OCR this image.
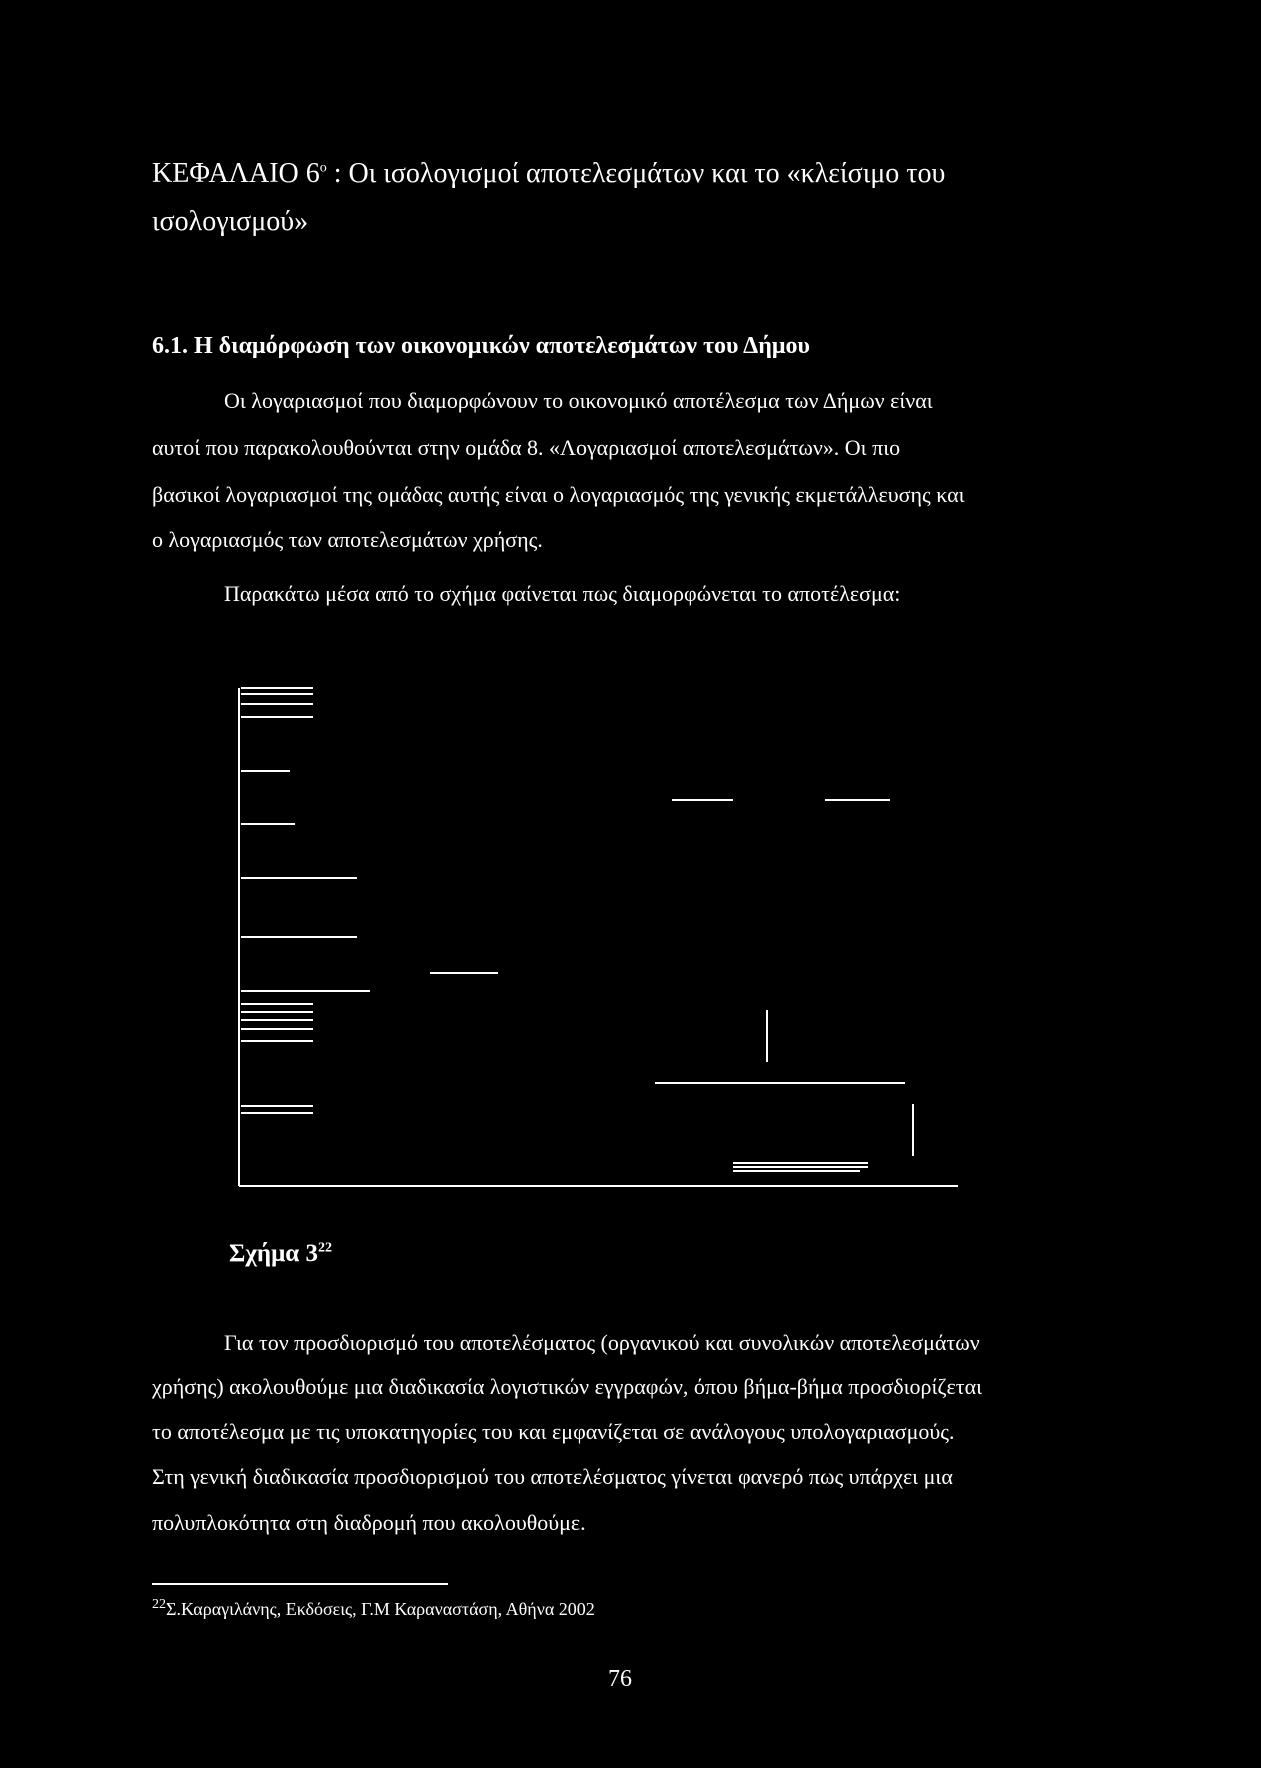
ΚΕΦΑΛΑΙΟ $6^o$ : Οι ισολογισμοί αποτελεσμάτων και το «κλείσιμο του
ισολογισμού»
6.1. Η διαμόρφωση των οικονομικών αποτελεσμάτων του Δήμου
Οι λογαριασμοί που διαμορφώνουν το οικονομικό αποτέλεσμα των Δήμων είναι
αυτοί που παρακολουθούνται στην ομάδα 8. «Λογαριασμοί αποτελεσμάτων». Οι πιο
βασικοί λογαριασμοί της ομάδας αυτής είναι ο λογαριασμός της γενικής εκμετάλλευσης και
ο λογαριασμός των αποτελεσμάτων χρήσης.
Παρακάτω μέσα από το σχήμα φαίνεται πως διαμορφώνεται το αποτέλεσμα:
Σχήμα $3^{22}$
Για τον προσδιορισμό του αποτελέσματος (οργανικού και συνολικών αποτελεσμάτων
χρήσης) ακολουθούμε μια διαδικασία λογιστικών εγγραφών, όπου βήμα-βήμα προσδιορίζεται
το αποτέλεσμα με τις υποκατηγορίες του και εμφανίζεται σε ανάλογους υπολογαριασμούς.
Στη γενική διαδικασία προσδιορισμού του αποτελέσματος γίνεται φανερό πως υπάρχει μια
πολυπλοκότητα στη διαδρομή που ακολουθούμε.
$^{22}$Σ.Καραγιλάνης, Εκδόσεις, Γ.Μ Καραναστάση, Αθήνα 2002
76
